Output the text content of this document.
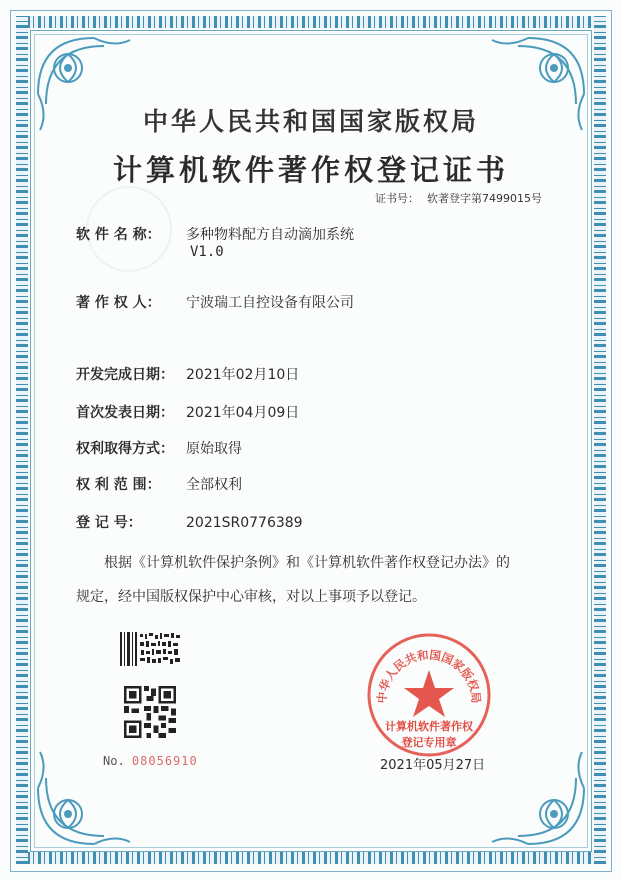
中华人民共和国国家版权局
计算机软件著作权登记证书
证书号： 软著登字第7499015号
软 件 名 称： 多种物料配方自动滴加系统
V1.0
著 作 权 人： 宁波瑞工自控设备有限公司
开发完成日期： 2021年02月10日
首次发表日期： 2021年04月09日
权利取得方式： 原始取得
权 利 范 围： 全部权利
登 记 号：	2021SR0776389
根据《计算机软件保护条例》和《计算机软件著作权登记办法》的
规定，经中国版权保护中心审核，对以上事项予以登记。
No. 08056910
中华人民共和国国家版权局
计算机软件著作权
登记专用章
2021年05月27日
